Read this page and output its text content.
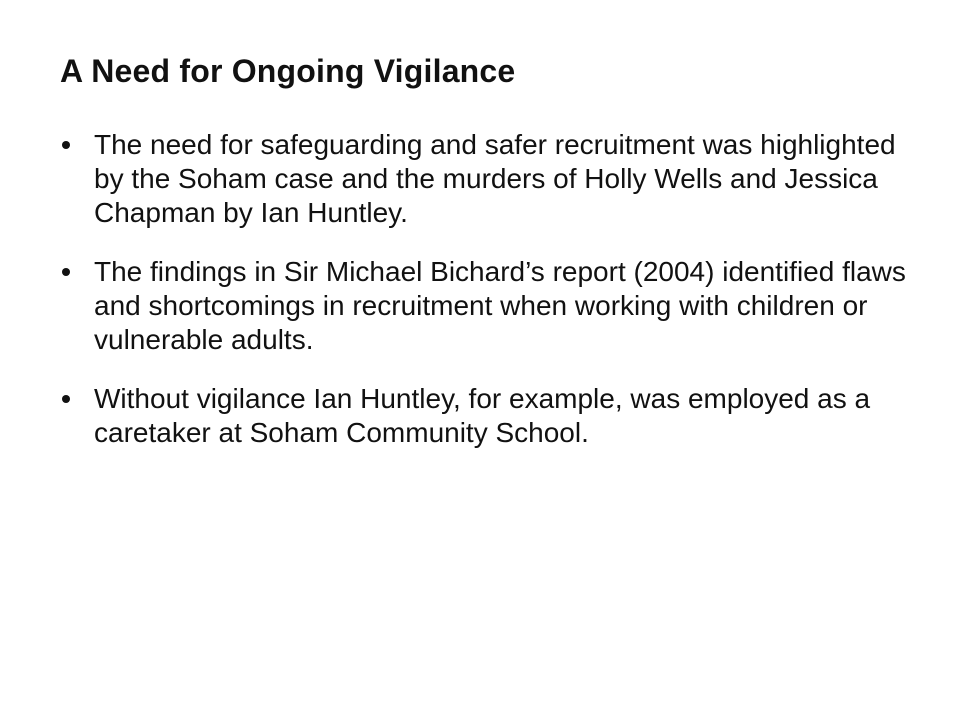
A Need for Ongoing Vigilance
The need for safeguarding and safer recruitment was highlighted by the Soham case and the murders of Holly Wells and Jessica Chapman by Ian Huntley.
The findings in Sir Michael Bichard’s report (2004) identified flaws and shortcomings in recruitment when working with children or vulnerable adults.
Without vigilance Ian Huntley, for example, was employed as a caretaker at Soham Community School.
